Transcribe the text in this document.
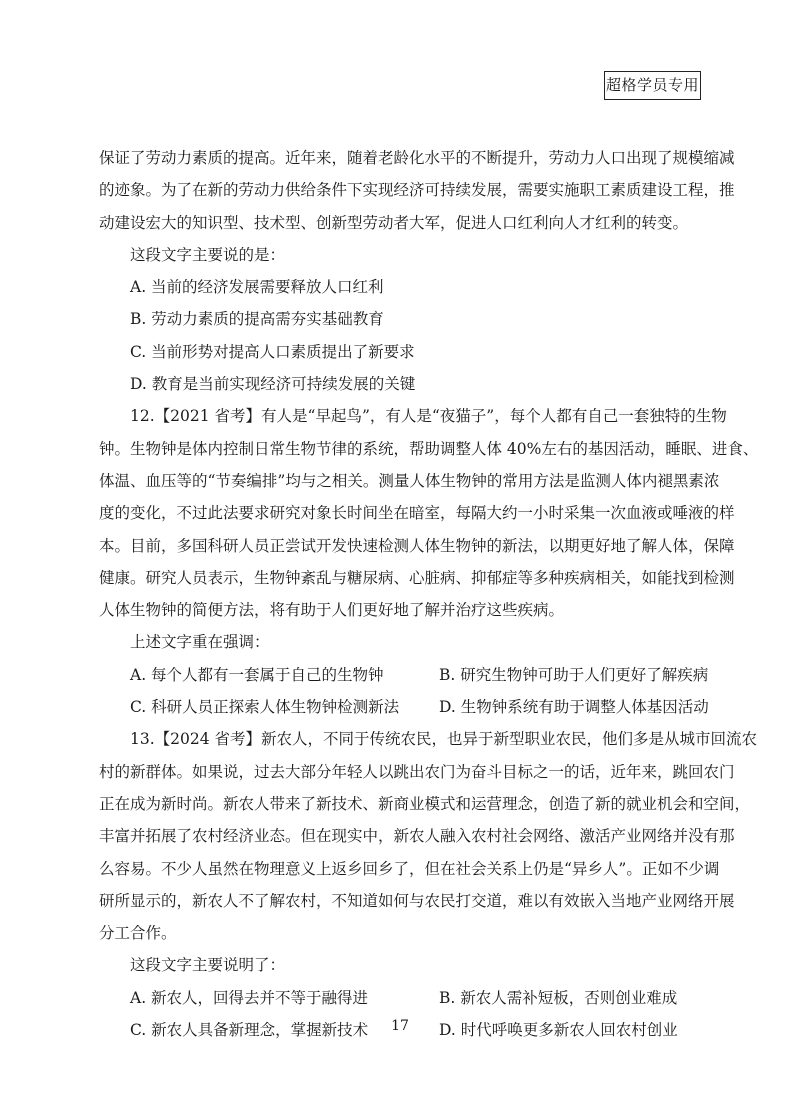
超格学员专用
保证了劳动力素质的提高。近年来，随着老龄化水平的不断提升，劳动力人口出现了规模缩减
的迹象。为了在新的劳动力供给条件下实现经济可持续发展，需要实施职工素质建设工程，推
动建设宏大的知识型、技术型、创新型劳动者大军，促进人口红利向人才红利的转变。
这段文字主要说的是：
A. 当前的经济发展需要释放人口红利
B. 劳动力素质的提高需夯实基础教育
C. 当前形势对提高人口素质提出了新要求
D. 教育是当前实现经济可持续发展的关键
12.【2021 省考】有人是“早起鸟”，有人是“夜猫子”，每个人都有自己一套独特的生物
钟。生物钟是体内控制日常生物节律的系统，帮助调整人体 40%左右的基因活动，睡眠、进食、
体温、血压等的“节奏编排”均与之相关。测量人体生物钟的常用方法是监测人体内褪黑素浓
度的变化，不过此法要求研究对象长时间坐在暗室，每隔大约一小时采集一次血液或唾液的样
本。目前，多国科研人员正尝试开发快速检测人体生物钟的新法，以期更好地了解人体，保障
健康。研究人员表示，生物钟紊乱与糖尿病、心脏病、抑郁症等多种疾病相关，如能找到检测
人体生物钟的简便方法，将有助于人们更好地了解并治疗这些疾病。
上述文字重在强调：
A. 每个人都有一套属于自己的生物钟	B. 研究生物钟可助于人们更好了解疾病
C. 科研人员正探索人体生物钟检测新法	D. 生物钟系统有助于调整人体基因活动
13.【2024 省考】新农人，不同于传统农民，也异于新型职业农民，他们多是从城市回流农
村的新群体。如果说，过去大部分年轻人以跳出农门为奋斗目标之一的话，近年来，跳回农门
正在成为新时尚。新农人带来了新技术、新商业模式和运营理念，创造了新的就业机会和空间，
丰富并拓展了农村经济业态。但在现实中，新农人融入农村社会网络、激活产业网络并没有那
么容易。不少人虽然在物理意义上返乡回乡了，但在社会关系上仍是“异乡人”。正如不少调
研所显示的，新农人不了解农村，不知道如何与农民打交道，难以有效嵌入当地产业网络开展
分工合作。
这段文字主要说明了：
A. 新农人，回得去并不等于融得进	B. 新农人需补短板，否则创业难成
C. 新农人具备新理念，掌握新技术	D. 时代呼唤更多新农人回农村创业
17
